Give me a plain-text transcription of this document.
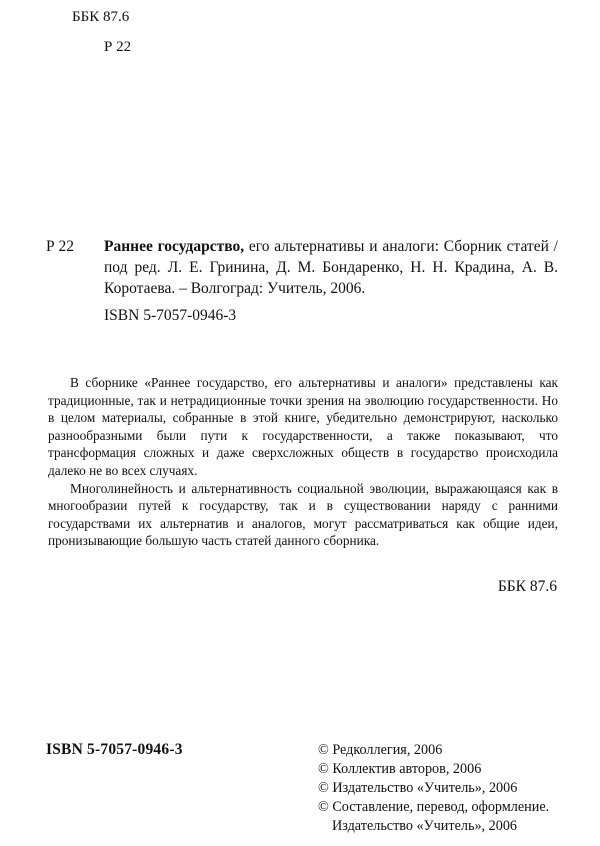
ББК 87.6
Р 22
Р 22 Раннее государство, его альтернативы и аналоги: Сборник статей / под ред. Л. Е. Гринина, Д. М. Бондаренко, Н. Н. Крадина, А. В. Коротаева. – Волгоград: Учитель, 2006.
ISBN 5-7057-0946-3

В сборнике «Раннее государство, его альтернативы и аналоги» представлены как традиционные, так и нетрадиционные точки зрения на эволюцию государственности. Но в целом материалы, собранные в этой книге, убедительно демонстрируют, насколько разнообразными были пути к государственности, а также показывают, что трансформация сложных и даже сверхсложных обществ в государство происходила далеко не во всех случаях.

Многолинейность и альтернативность социальной эволюции, выражающаяся как в многообразии путей к государству, так и в существовании наряду с ранними государствами их альтернатив и аналогов, могут рассматриваться как общие идеи, пронизывающие большую часть статей данного сборника.

ББК 87.6
ISBN 5-7057-0946-3	© Редколлегия, 2006
© Коллектив авторов, 2006
© Издательство «Учитель», 2006
© Составление, перевод, оформление.
Издательство «Учитель», 2006
